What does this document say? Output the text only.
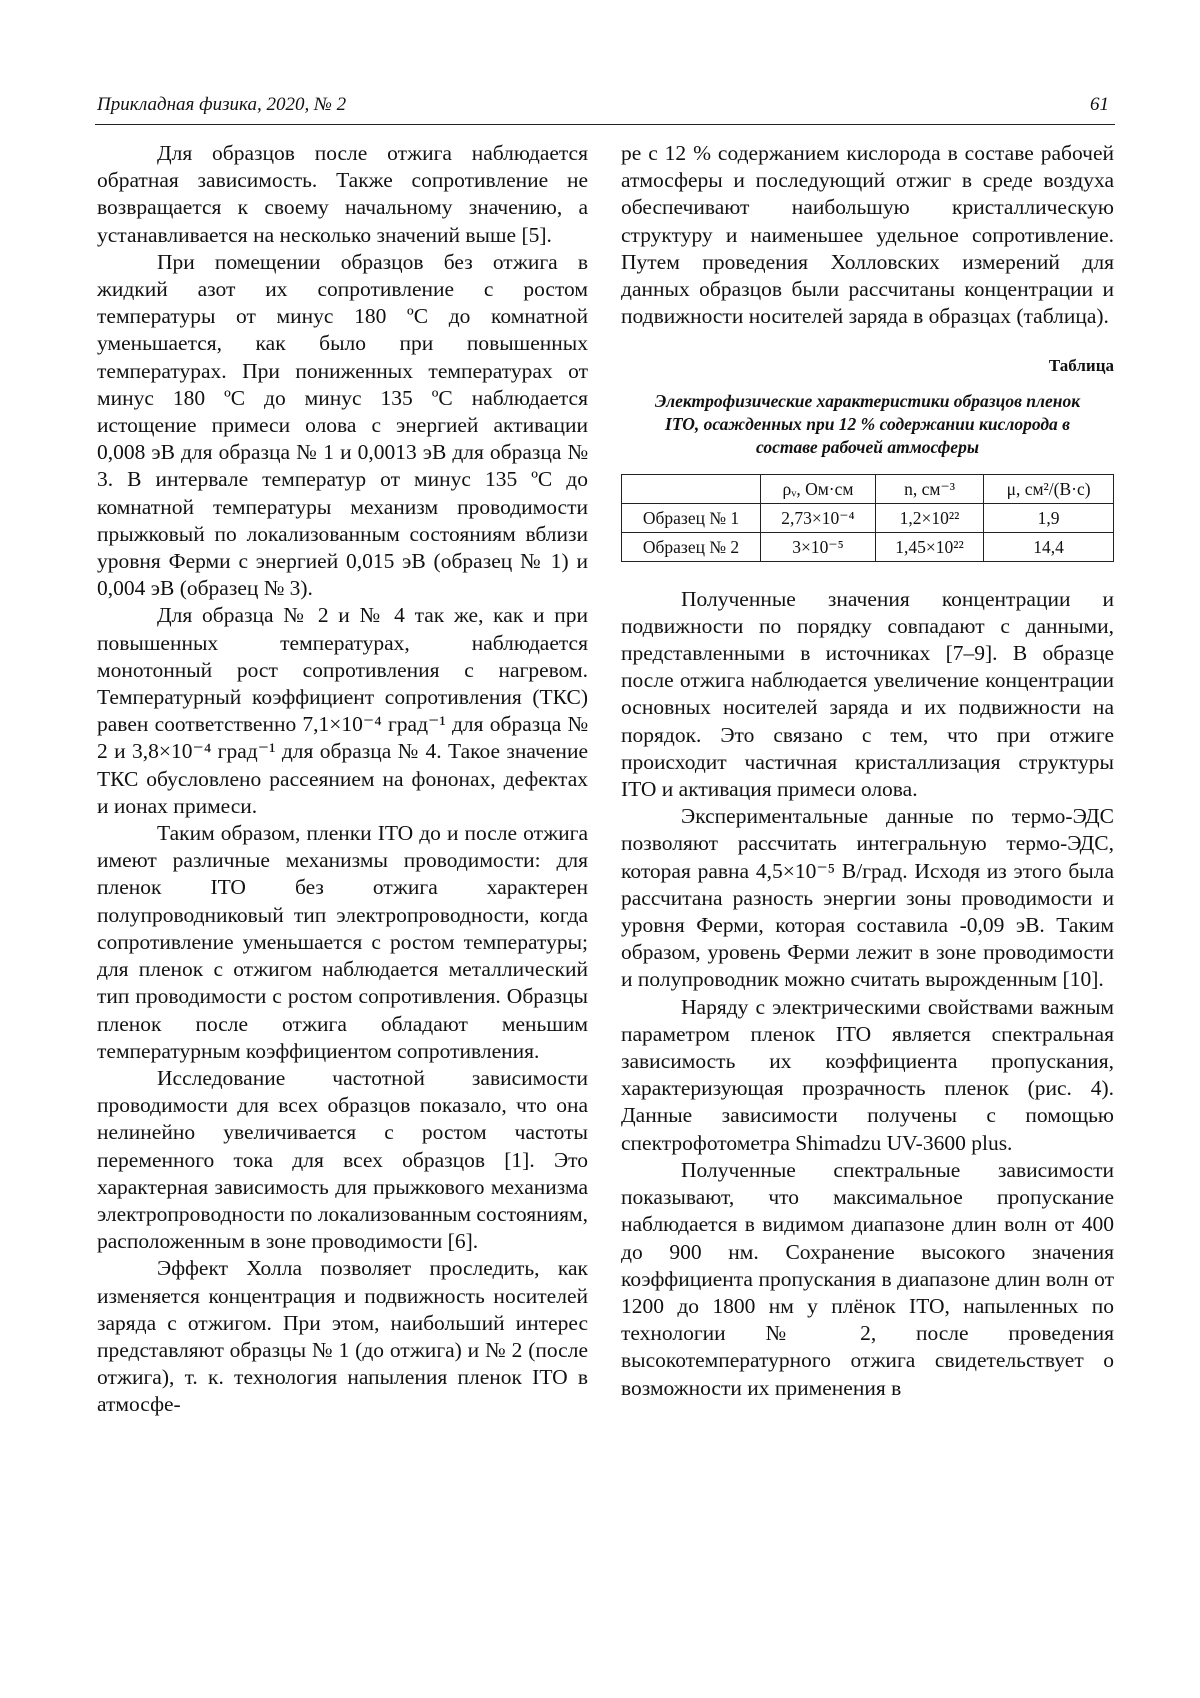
Прикладная физика, 2020, № 2	61

Для образцов после отжига наблюдается обратная зависимость. Также сопротивление не возвращается к своему начальному значению, а устанавливается на несколько значений выше [5].

При помещении образцов без отжига в жидкий азот их сопротивление с ростом температуры от минус 180 ºС до комнатной уменьшается, как было при повышенных температурах. При пониженных температурах от минус 180 ºС до минус 135 ºС наблюдается истощение примеси олова с энергией активации 0,008 эВ для образца № 1 и 0,0013 эВ для образца № 3. В интервале температур от минус 135 ºС до комнатной температуры механизм проводимости прыжковый по локализованным состояниям вблизи уровня Ферми с энергией 0,015 эВ (образец № 1) и 0,004 эВ (образец № 3).

Для образца № 2 и № 4 так же, как и при повышенных температурах, наблюдается монотонный рост сопротивления с нагревом. Температурный коэффициент сопротивления (ТКС) равен соответственно 7,1×10⁻⁴ град⁻¹ для образца № 2 и 3,8×10⁻⁴ град⁻¹ для образца № 4. Такое значение ТКС обусловлено рассеянием на фононах, дефектах и ионах примеси.

Таким образом, пленки ITO до и после отжига имеют различные механизмы проводимости: для пленок ITO без отжига характерен полупроводниковый тип электропроводности, когда сопротивление уменьшается с ростом температуры; для пленок с отжигом наблюдается металлический тип проводимости с ростом сопротивления. Образцы пленок после отжига обладают меньшим температурным коэффициентом сопротивления.

Исследование частотной зависимости проводимости для всех образцов показало, что она нелинейно увеличивается с ростом частоты переменного тока для всех образцов [1]. Это характерная зависимость для прыжкового механизма электропроводности по локализованным состояниям, расположенным в зоне проводимости [6].

Эффект Холла позволяет проследить, как изменяется концентрация и подвижность носителей заряда с отжигом. При этом, наибольший интерес представляют образцы № 1 (до отжига) и № 2 (после отжига), т. к. технология напыления пленок ITO в атмосфе-

ре с 12 % содержанием кислорода в составе рабочей атмосферы и последующий отжиг в среде воздуха обеспечивают наибольшую кристаллическую структуру и наименьшее удельное сопротивление. Путем проведения Холловских измерений для данных образцов были рассчитаны концентрации и подвижности носителей заряда в образцах (таблица).

Таблица
Электрофизические характеристики образцов пленок ITO, осажденных при 12 % содержании кислорода в составе рабочей атмосферы
	ρᵥ, Ом·см	n, см⁻³	μ, см²/(В·с)
Образец № 1	2,73×10⁻⁴	1,2×10²²	1,9
Образец № 2	3×10⁻⁵	1,45×10²²	14,4

Полученные значения концентрации и подвижности по порядку совпадают с данными, представленными в источниках [7–9]. В образце после отжига наблюдается увеличение концентрации основных носителей заряда и их подвижности на порядок. Это связано с тем, что при отжиге происходит частичная кристаллизация структуры ITO и активация примеси олова.

Экспериментальные данные по термо-ЭДС позволяют рассчитать интегральную термо-ЭДС, которая равна 4,5×10⁻⁵ В/град. Исходя из этого была рассчитана разность энергии зоны проводимости и уровня Ферми, которая составила -0,09 эВ. Таким образом, уровень Ферми лежит в зоне проводимости и полупроводник можно считать вырожденным [10].

Наряду с электрическими свойствами важным параметром пленок ITO является спектральная зависимость их коэффициента пропускания, характеризующая прозрачность пленок (рис. 4). Данные зависимости получены с помощью спектрофотометра Shimadzu UV-3600 plus.

Полученные спектральные зависимости показывают, что максимальное пропускание наблюдается в видимом диапазоне длин волн от 400 до 900 нм. Сохранение высокого значения коэффициента пропускания в диапазоне длин волн от 1200 до 1800 нм у плёнок ITO, напыленных по технологии № 2, после проведения высокотемпературного отжига свидетельствует о возможности их применения в
